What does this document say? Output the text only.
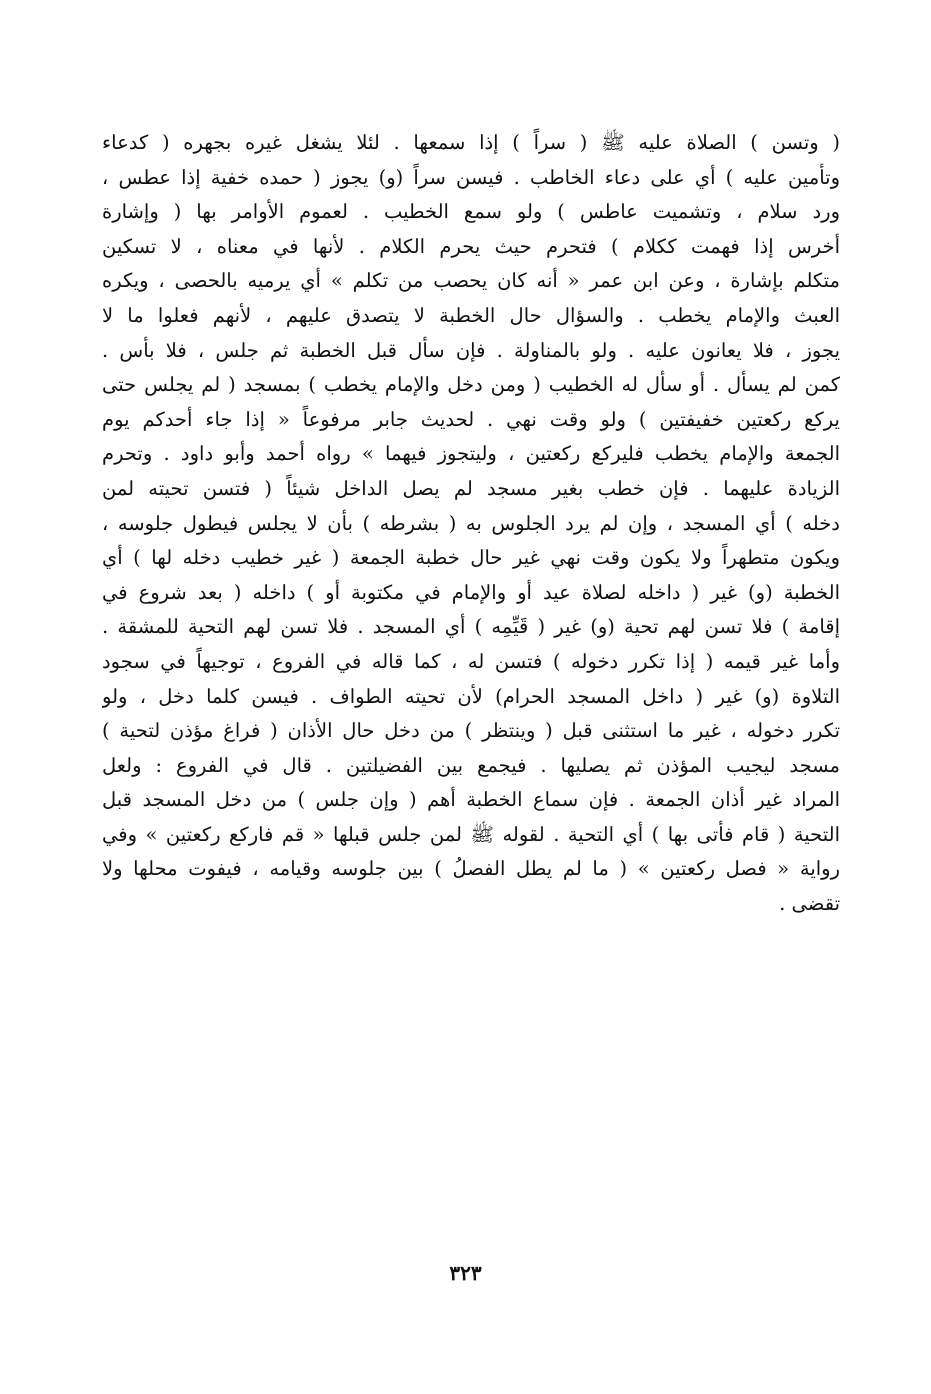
( وتسن ) الصلاة عليه ﷺ ( سراً ) إذا سمعها . لئلا يشغل غيره بجهره ( كدعاء
وتأمين عليه ) أي على دعاء الخاطب . فيسن سراً (و) يجوز ( حمده خفية إذا عطس ،
ورد سلام ، وتشميت عاطس ) ولو سمع الخطيب . لعموم الأوامر بها ( وإشارة
أخرس إذا فهمت ككلام ) فتحرم حيث يحرم الكلام . لأنها في معناه ، لا تسكين
متكلم بإشارة ، وعن ابن عمر « أنه كان يحصب من تكلم » أي يرميه بالحصى ، ويكره
العبث والإمام يخطب . والسؤال حال الخطبة لا يتصدق عليهم ، لأنهم فعلوا ما لا
يجوز ، فلا يعانون عليه . ولو بالمناولة . فإن سأل قبل الخطبة ثم جلس ، فلا بأس .
كمن لم يسأل . أو سأل له الخطيب ( ومن دخل والإمام يخطب ) بمسجد ( لم يجلس حتى
يركع ركعتين خفيفتين ) ولو وقت نهي . لحديث جابر مرفوعاً « إذا جاء أحدكم يوم
الجمعة والإمام يخطب فليركع ركعتين ، وليتجوز فيهما » رواه أحمد وأبو داود . وتحرم
الزيادة عليهما . فإن خطب بغير مسجد لم يصل الداخل شيئاً ( فتسن تحيته لمن
دخله ) أي المسجد ، وإن لم يرد الجلوس به ( بشرطه ) بأن لا يجلس فيطول جلوسه ،
ويكون متطهراً ولا يكون وقت نهي غير حال خطبة الجمعة ( غير خطيب دخله لها ) أي
الخطبة (و) غير ( داخله لصلاة عيد أو والإمام في مكتوبة أو ) داخله ( بعد شروع في
إقامة ) فلا تسن لهم تحية (و) غير ( قَيِّمِه ) أي المسجد . فلا تسن لهم التحية للمشقة .
وأما غير قيمه ( إذا تكرر دخوله ) فتسن له ، كما قاله في الفروع ، توجيهاً في سجود
التلاوة (و) غير ( داخل المسجد الحرام) لأن تحيته الطواف . فيسن كلما دخل ، ولو
تكرر دخوله ، غير ما استثنى قبل ( وينتظر ) من دخل حال الأذان ( فراغ مؤذن لتحية )
مسجد ليجيب المؤذن ثم يصليها . فيجمع بين الفضيلتين . قال في الفروع : ولعل
المراد غير أذان الجمعة . فإن سماع الخطبة أهم ( وإن جلس ) من دخل المسجد قبل
التحية ( قام فأتى بها ) أي التحية . لقوله ﷺ لمن جلس قبلها « قم فاركع ركعتين » وفي
رواية « فصل ركعتين » ( ما لم يطل الفصلُ ) بين جلوسه وقيامه ، فيفوت محلها ولا
تقضى .
٣٢٣
